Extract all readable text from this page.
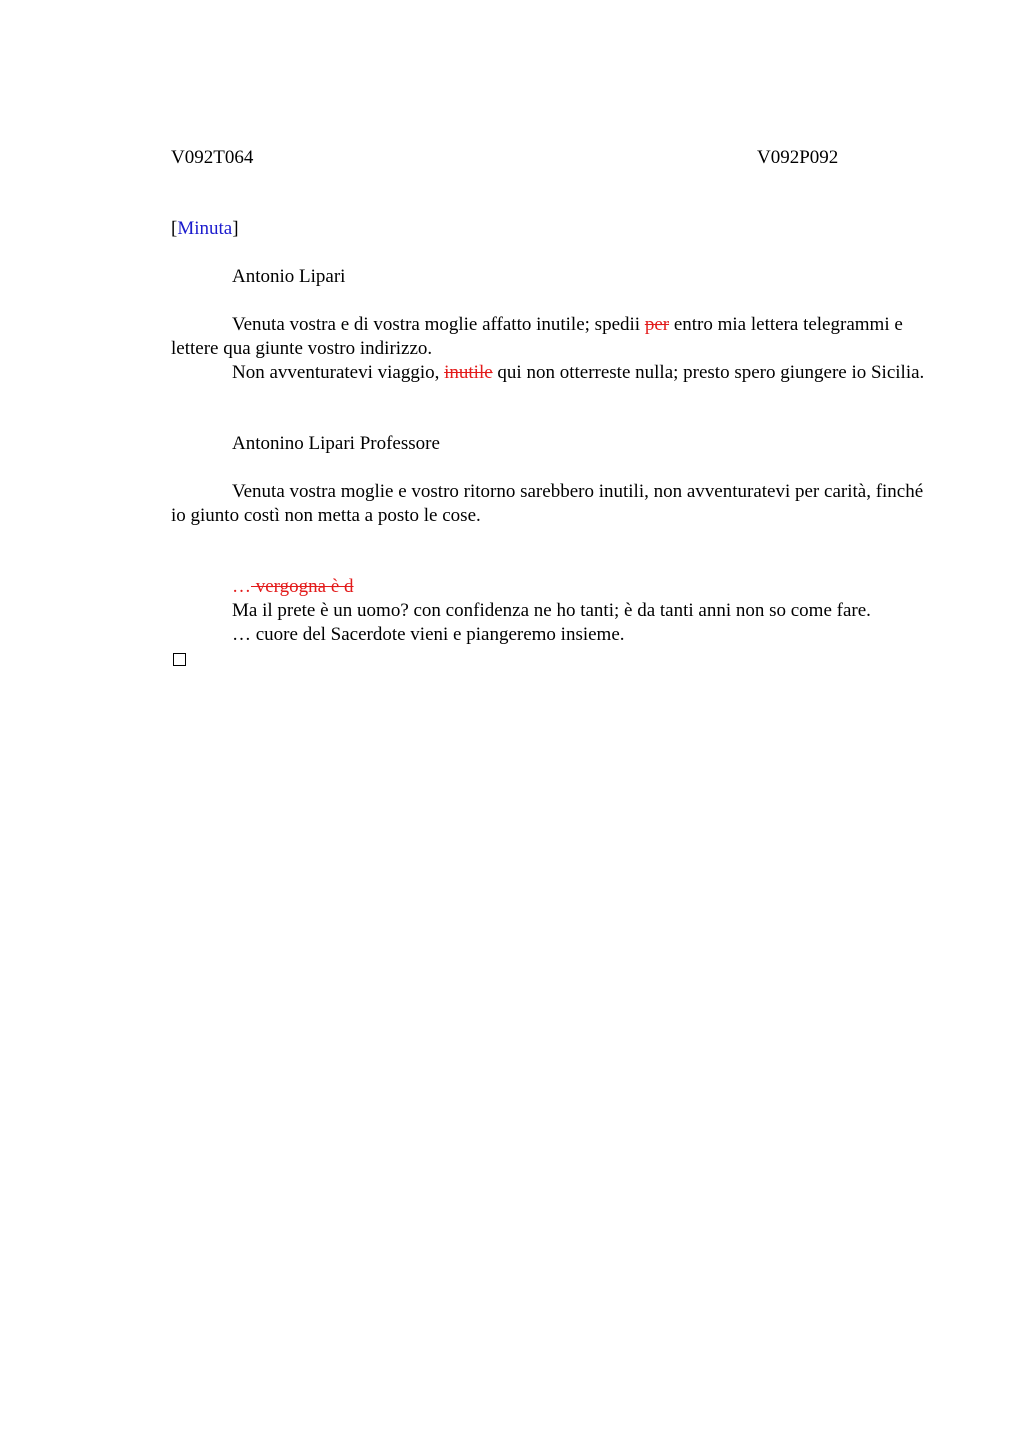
V092T064	V092P092
[Minuta]
Antonio Lipari
Venuta vostra e di vostra moglie affatto inutile; spedii per entro mia lettera telegrammi e lettere qua giunte vostro indirizzo.
Non avventuratevi viaggio, inutile qui non otterreste nulla; presto spero giungere io Sicilia.
Antonino Lipari Professore
Venuta vostra moglie e vostro ritorno sarebbero inutili, non avventuratevi per carità, finché io giunto costì non metta a posto le cose.
… vergogna è d
Ma il prete è un uomo? con confidenza ne ho tanti; è da tanti anni non so come fare.
… cuore del Sacerdote vieni e piangeremo insieme.
